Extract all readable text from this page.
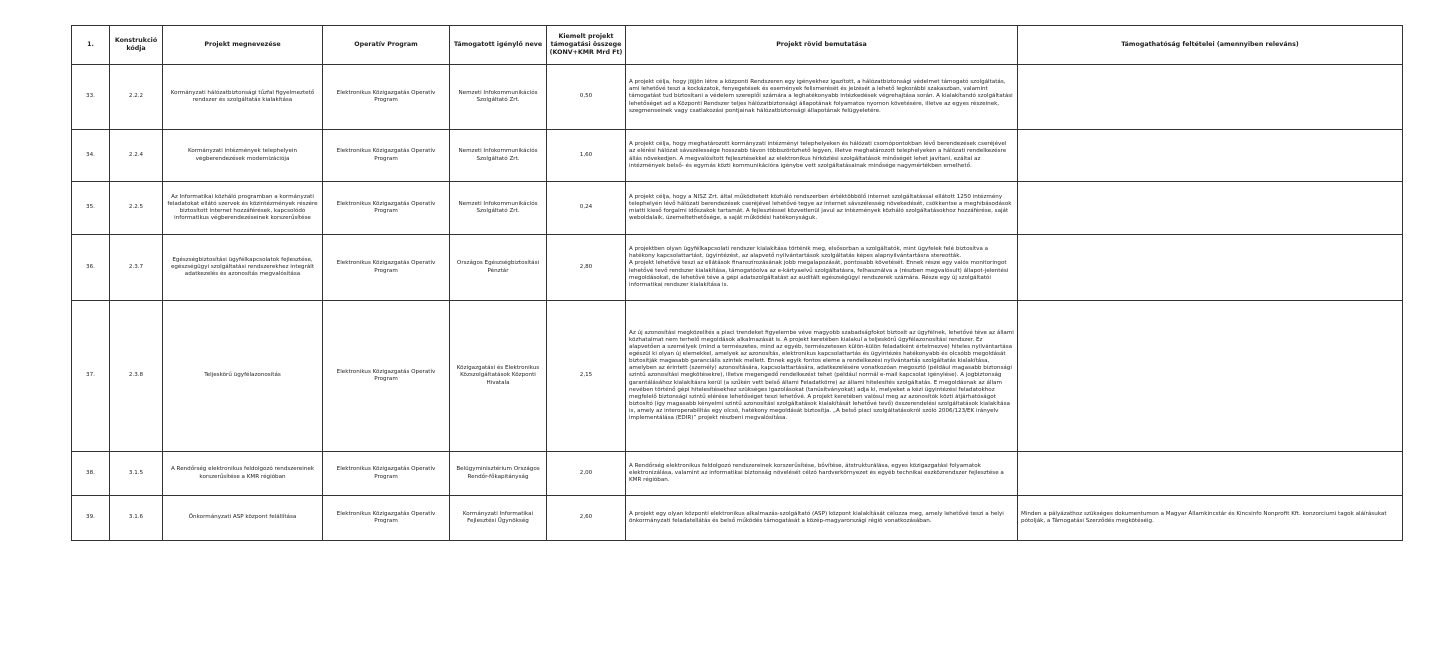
1.	Konstrukció kódja	Projekt megnevezése	Operatív Program	Támogatott igénylő neve	Kiemelt projekt támogatási összege (KONV+KMR Mrd Ft)	Projekt rövid bemutatása	Támogathatóság feltételei (amennyiben releváns)
33.	2.2.2	Kormányzati hálózatbiztonsági tűzfal figyelmeztető rendszer és szolgáltatás kialakítása	Elektronikus Közigazgatás Operatív Program	Nemzeti Infokommunikációs Szolgáltató Zrt.	0,50	A projekt célja, hogy jöjjön létre a központi Rendszeren egy igényekhez igazított, a hálózatbiztonsági védelmet támogató szolgáltatás, ami lehetővé teszi a kockázatok, fenyegetések és események felismerését és jelzését a lehető legkorábbi szakaszban, valamint támogatást tud biztosítani a védelem szereplői számára a leghatékonyabb intézkedések végrehajtása során. A kialakítandó szolgáltatási lehetőséget ad a Központi Rendszer teljes hálózatbiztonsági állapotának folyamatos nyomon követésére, illetve az egyes részeinek, szegmenseinek vagy csatlakozási pontjainak hálózatbiztonsági állapotának felügyeletére.	
34.	2.2.4	Kormányzati intézmények telephelyein végberendezések modernizációja	Elektronikus Közigazgatás Operatív Program	Nemzeti Infokommunikációs Szolgáltató Zrt.	1,60	A projekt célja, hogy meghatározott kormányzati intézményi telephelyeken és hálózati csomópontokban lévő berendezések cseréjével az elérési hálózat sávszélessége hosszabb távon többszörözhető legyen, illetve meghatározott telephelyeken a hálózati rendelkezésre állás növekedjen. A megvalósított fejlesztésekkel az elektronikus hírközlési szolgáltatások minőségét lehet javítani, ezáltal az intézmények belső- és egymás közti kommunikációra igénybe vett szolgáltatásainak minősége nagymértékben emelhető.	
35.	2.2.5	Az Informatikai közháló programban a kormányzati feladatokat ellátó szervek és közintézmények részére biztosított internet hozzáférések, kapcsolódó informatikus végberendezéseinek korszerűsítése	Elektronikus Közigazgatás Operatív Program	Nemzeti Infokommunikációs Szolgáltató Zrt.	0,24	A projekt célja, hogy a NISZ Zrt. által működtetett közháló rendszerben értéktöbbölő internet szolgáltatással ellátott 1250 intézmény telephelyén lévő hálózati berendezések cseréjével lehetővé tegye az internet sávszélesség növekedését, csökkentse a meghibásodások miatti kieső forgalmi időszakok tartamát. A fejlesztéssel közvetlenül javul az intézmények közháló szolgáltatásokhoz hozzáférése, saját weboldalaik, üzemeltethetősége, a saját működési hatékonyságuk.	
36.	2.3.7	Egészségbiztosítási ügyfélkapcsolatok fejlesztése, egészségügyi szolgáltatási rendszerekhez integrált adatkezelés és azonosítás megvalósítása	Elektronikus Közigazgatás Operatív Program	Országos Egészségbiztosítási Pénztár	2,80	A projektben olyan ügyfélkapcsolati rendszer kialakítása történik meg, elsősorban a szolgáltatók, mint ügyfelek felé biztosítva a hatékony kapcsolattartást, ügyintézést, az alapvető nyilvántartások szolgáltatás képes alapnyilvántartásra stereották.
A projekt lehetővé teszi az ellátások finanszírozásának jobb megalapozását, pontosabb követését. Ennek része egy valós monitoringot lehetővé tevő rendszer kialakítása, támogatóolva az e-kártyaelvű szolgáltatásra, felhasználva a (részben megvalósult) állapot-jelentési megoldásokat, de lehetővé téve a gépi adatszolgáltatást az auditált egészségügyi rendszerek számára. Része egy új szolgáltatói informatikai rendszer kialakítása is.	
37.	2.3.8	Teljeskörű ügyfélazonosítás	Elektronikus Közigazgatás Operatív Program	Közigazgatási és Elektronikus Közszolgáltatások Központi Hivatala	2,15	Az új azonosítási megközelítés a piaci trendeket figyelembe véve magyobb szabadságfokot biztosít az ügyfélnek, lehetővé téve az állami közhatalmat nem terhelő megoldások alkalmazását is. A projekt keretében kialakul a teljeskörű ügyfélazonosítási rendszer. Ez alapvetően a személyek (mind a természetes, mind az egyéb, természetesen külön-külön feladatként értelmezve) hiteles nyilvántartása egészül ki olyan új elemekkel, amelyek az azonosítás, elektronikus kapcsolattartás és ügyintézés hatékonyabb és olcsóbb megoldását biztosítják magasabb garanciális szintek mellett. Ennek egyik fontos eleme a rendelkezési nyilvántartás szolgáltatás kialakítása, amelyben az érintett (személy) azonosítására, kapcsolattartására, adatkezelésére vonatkozóan megosztó (például magasabb biztonsági szintű azonosítási megkötésekre), illetve megengedő rendelkezést tehet (például normál e-mail kapcsolat igénylése). A jogbiztonság garantálásához kialakításra kerül (a szűkén vett belső állami Feladatkörre) az állami hitelesítés szolgáltatás. E megoldásnak az állam nevében történő gépi hitelesítésekhez szükséges igazolásokat (tanúsítványokat) adja ki, melyeket a kézi ügyintézési feladatokhoz megfelelő biztonsági szintű elérése lehetőséget teszi lehetővé. A projekt keretében valósul meg az azonosítók közti átjárhatóságot biztosító (így magasabb kényelmi szintű azonosítási szolgáltatások kialakítását lehetővé tevő) összerendelési szolgáltatások kialakítása is, amely az interoperabilitás egy olcsó, hatékony megoldását biztosítja. „A belső piaci szolgáltatásokról szóló 2006/123/EK irányelv implementálása (EDIR)” projekt részbeni megvalósítása.	
38.	3.1.5	A Rendőrség elektronikus feldolgozó rendszereinek korszerűsítése a KMR régióban	Elektronikus Közigazgatás Operatív Program	Belügyminisztérium Országos Rendőr-főkapitányság	2,00	A Rendőrség elektronikus feldolgozó rendszereinek korszerűsítése, bővítése, átstrukturálása, egyes közigazgatási folyamatok elektronizálása, valamint az informatikai biztonság növelését célzó hardverkörnyezet és egyéb technikai eszközrendszer fejlesztése a KMR régióban.	
39.	3.1.6	Önkormányzati ASP központ felállítása	Elektronikus Közigazgatás Operatív Program	Kormányzati Informatikai Fejlesztési Ügynökség	2,60	A projekt egy olyan központi elektronikus alkalmazás-szolgáltató (ASP) központ kialakítását célozza meg, amely lehetővé teszi a helyi önkormányzati feladatellátás és belső működés támogatását a közép-magyarországi régió vonatkozásában.	Minden a pályázathoz szükséges dokumentumon a Magyar Államkincstár és Kincsinfo Nonprofit Kft. konzorciumi tagok aláírásukat pótolják, a Támogatási Szerződés megkötéséig.
